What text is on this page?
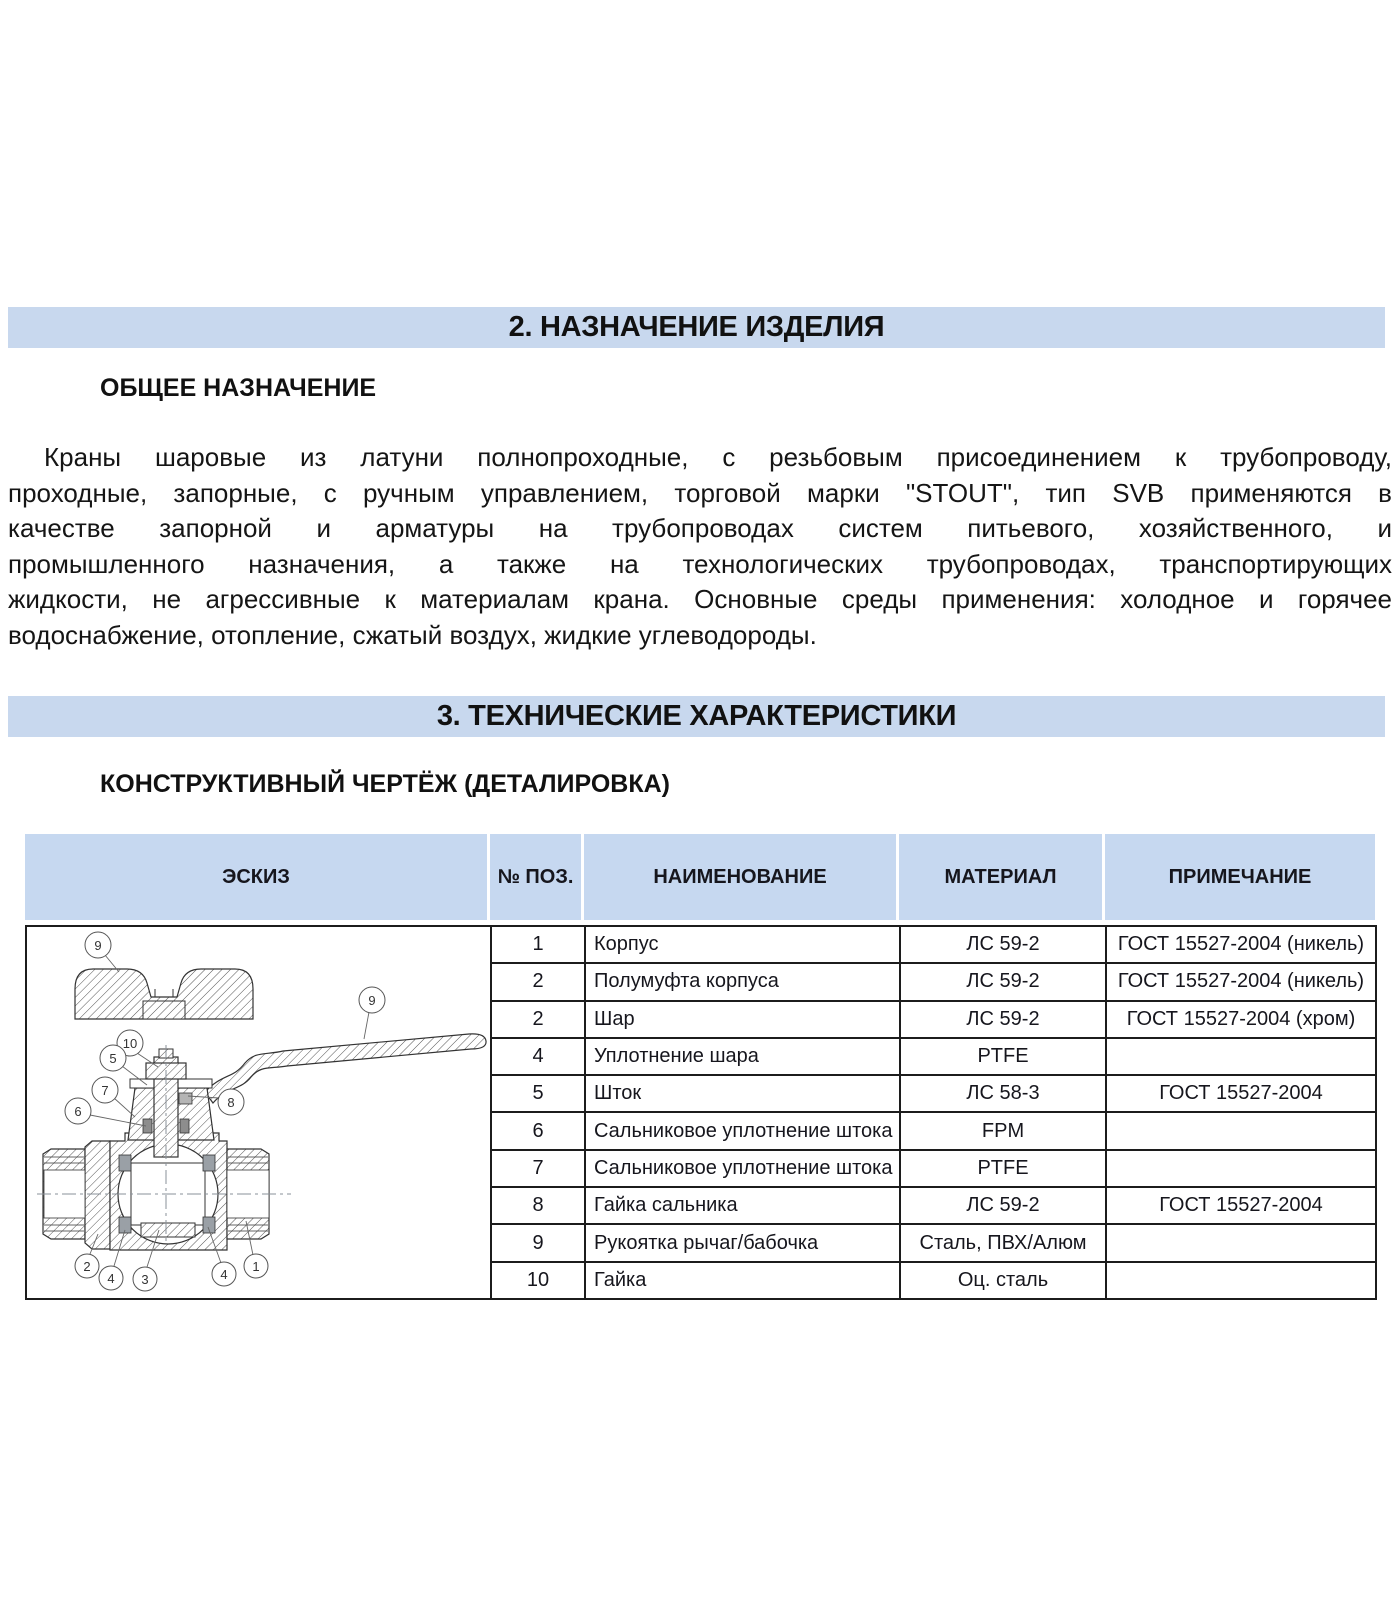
2. НАЗНАЧЕНИЕ ИЗДЕЛИЯ
ОБЩЕЕ НАЗНАЧЕНИЕ
Краны шаровые из латуни полнопроходные, с резьбовым присоединением к трубопроводу,
проходные, запорные, с ручным управлением, торговой марки "STOUT", тип SVB применяются в
качестве запорной и арматуры на трубопроводах систем питьевого, хозяйственного, и
промышленного назначения, а также на технологических трубопроводах, транспортирующих
жидкости, не агрессивные к материалам крана. Основные среды применения: холодное и горячее
водоснабжение, отопление, сжатый воздух, жидкие углеводороды.
3. ТЕХНИЧЕСКИЕ ХАРАКТЕРИСТИКИ
КОНСТРУКТИВНЫЙ ЧЕРТЁЖ (ДЕТАЛИРОВКА)
ЭСКИЗ	№ ПОЗ.	НАИМЕНОВАНИЕ	МАТЕРИАЛ	ПРИМЕЧАНИЕ
9
9
10
5
7
6
8
2
4 3	4
1
	1	Корпус	ЛС 59-2	ГОСТ 15527-2004 (никель)
	2	Полумуфта корпуса	ЛС 59-2	ГОСТ 15527-2004 (никель)
	2	Шар	ЛС 59-2	ГОСТ 15527-2004 (хром)
	4	Уплотнение шара	PTFE	
	5	Шток	ЛС 58-3	ГОСТ 15527-2004
	6	Сальниковое уплотнение штока	FPM	
	7	Сальниковое уплотнение штока	PTFE	
	8	Гайка сальника	ЛС 59-2	ГОСТ 15527-2004
	9	Рукоятка рычаг/бабочка	Сталь, ПВХ/Алюм	
	10	Гайка	Оц. сталь	
